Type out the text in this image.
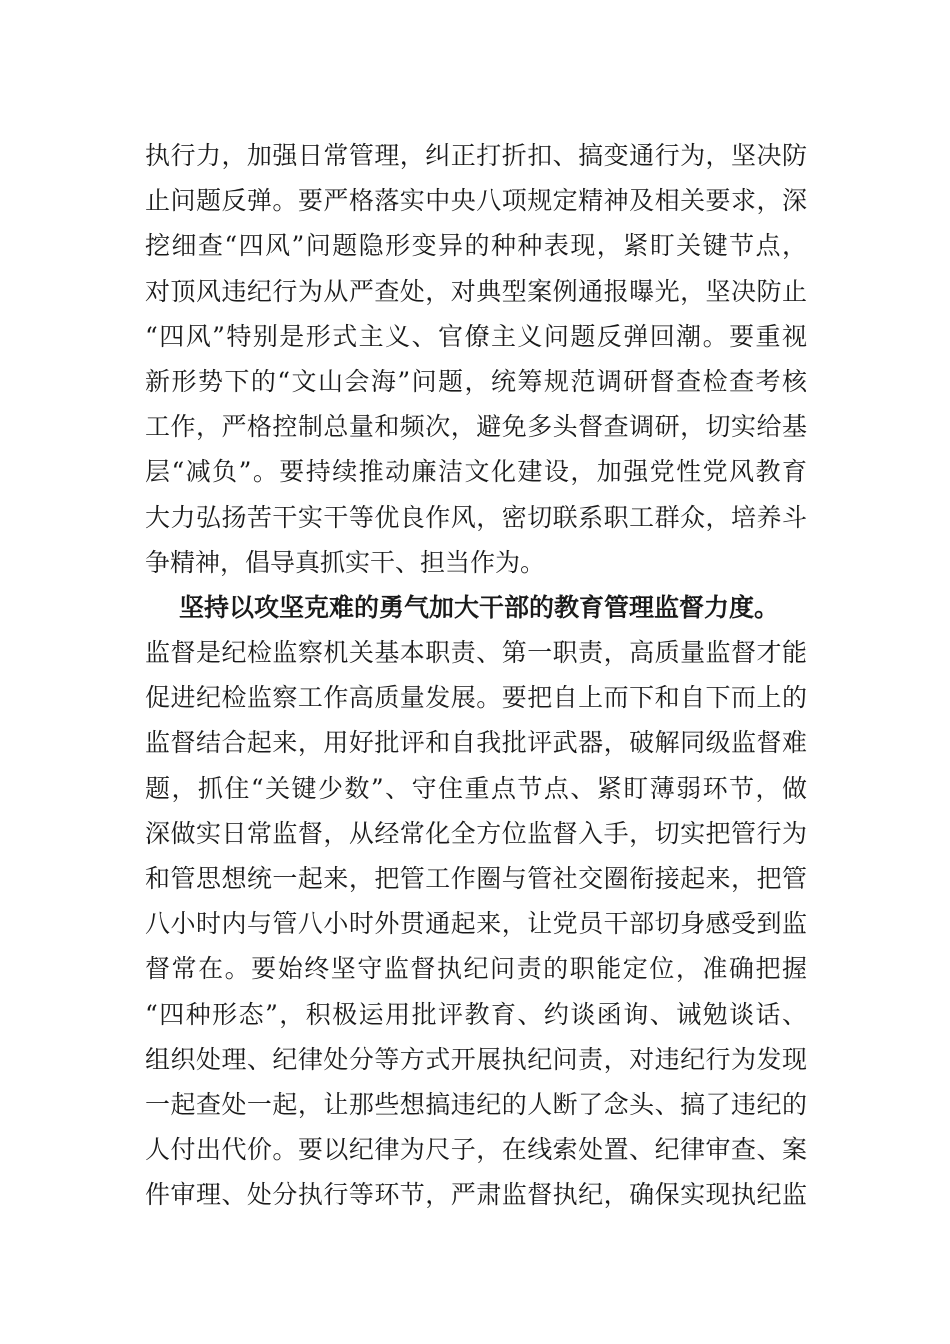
执行力，加强日常管理，纠正打折扣、搞变通行为，坚决防
止问题反弹。要严格落实中央八项规定精神及相关要求，深
挖细查“四风”问题隐形变异的种种表现，紧盯关键节点，
对顶风违纪行为从严查处，对典型案例通报曝光，坚决防止
“四风”特别是形式主义、官僚主义问题反弹回潮。要重视
新形势下的“文山会海”问题，统筹规范调研督查检查考核
工作，严格控制总量和频次，避免多头督查调研，切实给基
层“减负”。要持续推动廉洁文化建设，加强党性党风教育
大力弘扬苦干实干等优良作风，密切联系职工群众，培养斗
争精神，倡导真抓实干、担当作为。
坚持以攻坚克难的勇气加大干部的教育管理监督力度。
监督是纪检监察机关基本职责、第一职责，高质量监督才能
促进纪检监察工作高质量发展。要把自上而下和自下而上的
监督结合起来，用好批评和自我批评武器，破解同级监督难
题，抓住“关键少数”、守住重点节点、紧盯薄弱环节，做
深做实日常监督，从经常化全方位监督入手，切实把管行为
和管思想统一起来，把管工作圈与管社交圈衔接起来，把管
八小时内与管八小时外贯通起来，让党员干部切身感受到监
督常在。要始终坚守监督执纪问责的职能定位，准确把握
“四种形态”，积极运用批评教育、约谈函询、诫勉谈话、
组织处理、纪律处分等方式开展执纪问责，对违纪行为发现
一起查处一起，让那些想搞违纪的人断了念头、搞了违纪的
人付出代价。要以纪律为尺子，在线索处置、纪律审查、案
件审理、处分执行等环节，严肃监督执纪，确保实现执纪监
